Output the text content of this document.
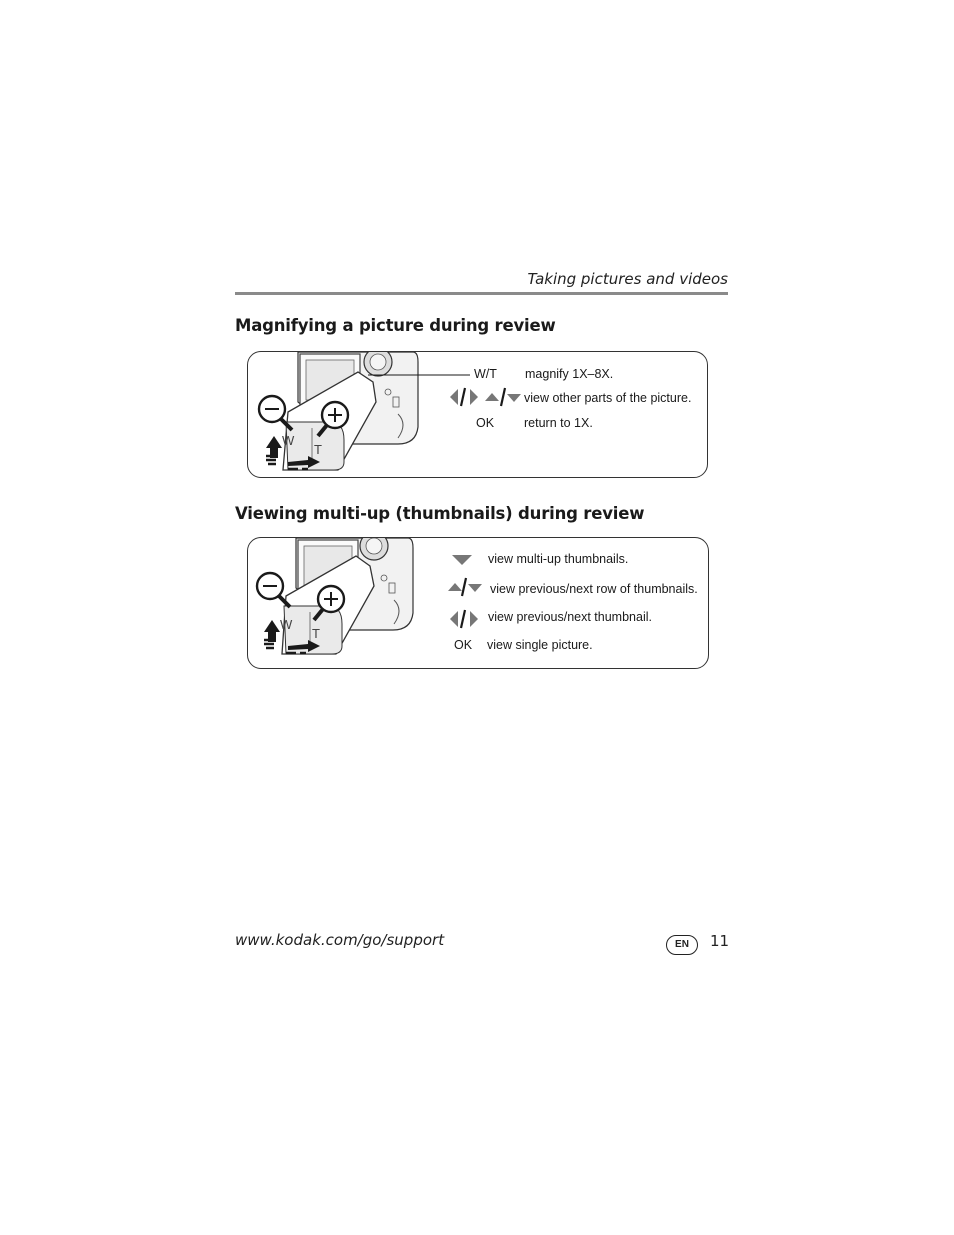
Taking pictures and videos
Magnifying a picture during review
W
T
W/T magnify 1X–8X.
view other parts of the picture.
OK return to 1X.
Viewing multi-up (thumbnails) during review
W
T
view multi-up thumbnails.
view previous/next row of thumbnails.
view previous/next thumbnail.
OK view single picture.
www.kodak.com/go/support	EN	11
